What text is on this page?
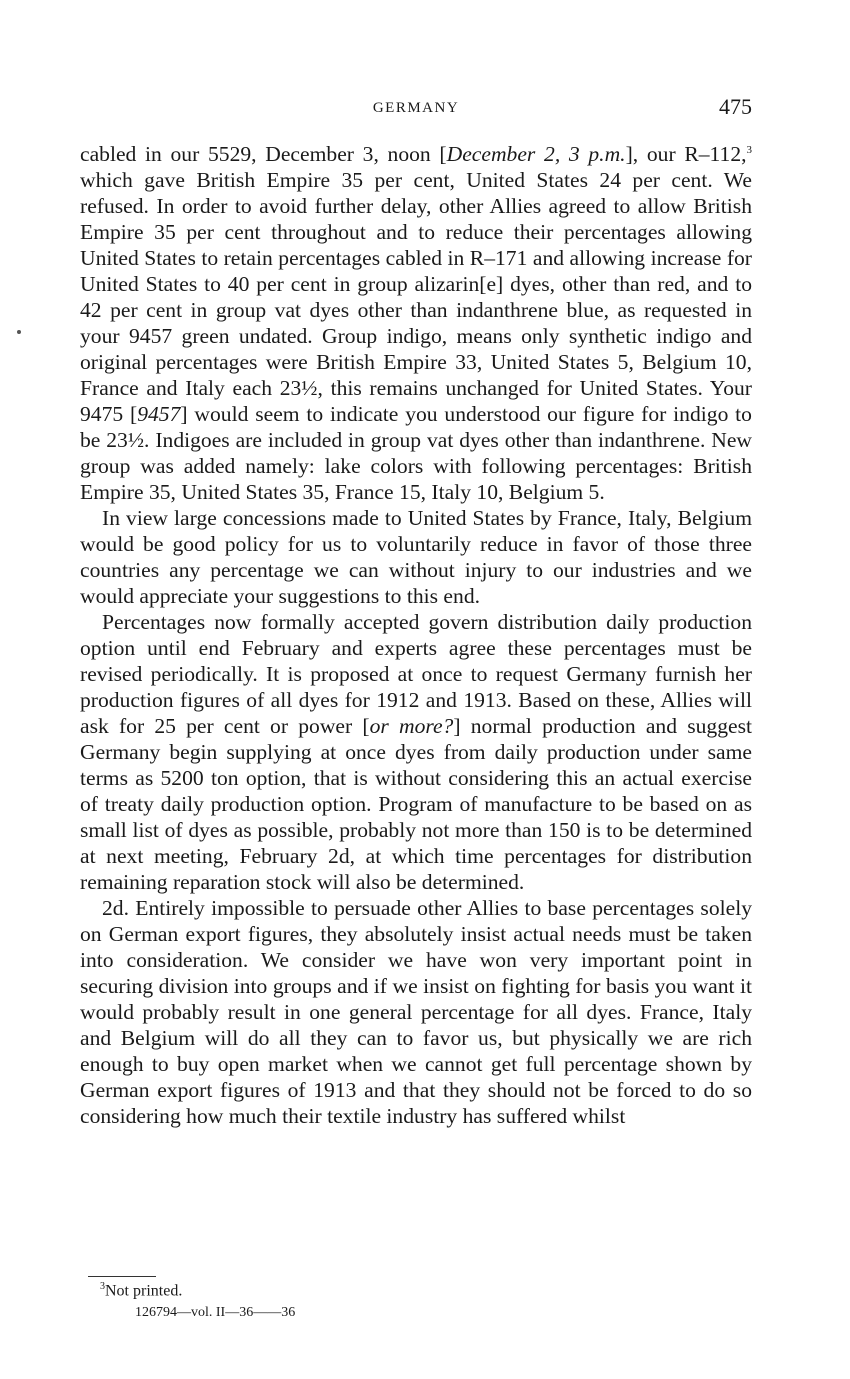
GERMANY	475

cabled in our 5529, December 3, noon [December 2, 3 p.m.], our R–112,$^3$ which gave British Empire 35 per cent, United States 24 per cent. We refused. In order to avoid further delay, other Allies agreed to allow British Empire 35 per cent throughout and to reduce their percentages allowing United States to retain percentages cabled in R–171 and allowing increase for United States to 40 per cent in group alizarin[e] dyes, other than red, and to 42 per cent in group vat dyes other than indanthrene blue, as requested in your 9457 green undated. Group indigo, means only synthetic indigo and original percentages were British Empire 33, United States 5, Belgium 10, France and Italy each 23½, this remains unchanged for United States. Your 9475 [9457] would seem to indicate you understood our figure for indigo to be 23½. Indigoes are included in group vat dyes other than indanthrene. New group was added namely: lake colors with following percentages: British Empire 35, United States 35, France 15, Italy 10, Belgium 5.

In view large concessions made to United States by France, Italy, Belgium would be good policy for us to voluntarily reduce in favor of those three countries any percentage we can without injury to our industries and we would appreciate your suggestions to this end.

Percentages now formally accepted govern distribution daily production option until end February and experts agree these percentages must be revised periodically. It is proposed at once to request Germany furnish her production figures of all dyes for 1912 and 1913. Based on these, Allies will ask for 25 per cent or power [or more?] normal production and suggest Germany begin supplying at once dyes from daily production under same terms as 5200 ton option, that is without considering this an actual exercise of treaty daily production option. Program of manufacture to be based on as small list of dyes as possible, probably not more than 150 is to be determined at next meeting, February 2d, at which time percentages for distribution remaining reparation stock will also be determined.

2d. Entirely impossible to persuade other Allies to base percentages solely on German export figures, they absolutely insist actual needs must be taken into consideration. We consider we have won very important point in securing division into groups and if we insist on fighting for basis you want it would probably result in one general percentage for all dyes. France, Italy and Belgium will do all they can to favor us, but physically we are rich enough to buy open market when we cannot get full percentage shown by German export figures of 1913 and that they should not be forced to do so considering how much their textile industry has suffered whilst

$^3$Not printed.
126794—vol. II—36——36
